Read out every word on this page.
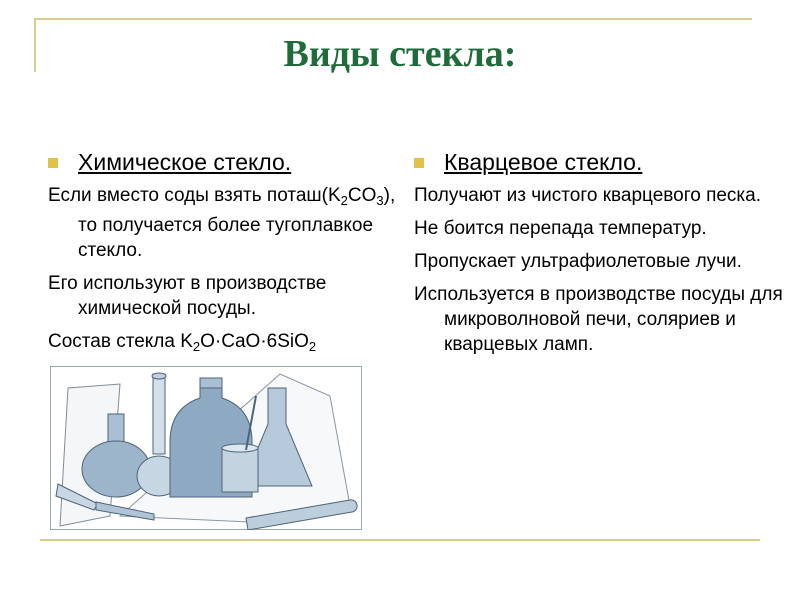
Виды стекла:
Химическое стекло.
Если вместо соды взять $поташ(K_2CO_3)$, то получается более тугоплавкое стекло.
Его используют в производстве химической посуды.
Состав стекла $K_2O\cdot CaO\cdot 6SiO_2$
Кварцевое стекло.
Получают из чистого кварцевого песка.
Не боится перепада температур.
Пропускает ультрафиолетовые лучи.
Используется в производстве посуды для микроволновой печи, соляриев и кварцевых ламп.
